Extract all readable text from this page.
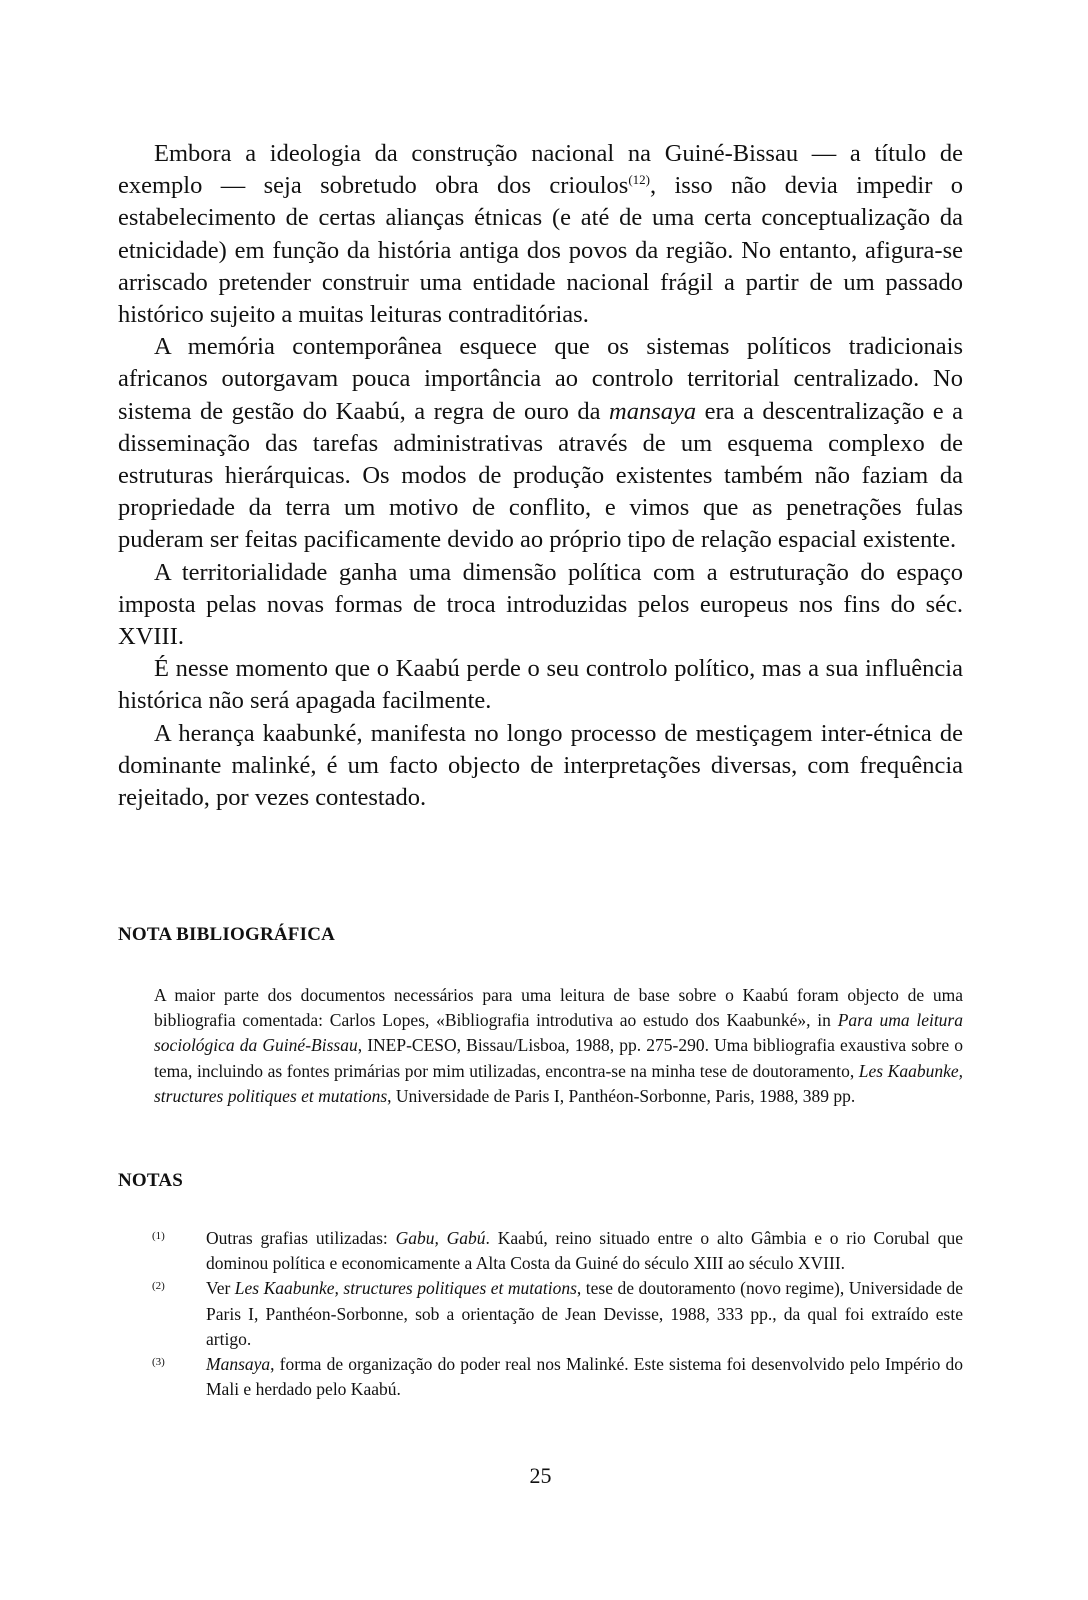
Embora a ideologia da construção nacional na Guiné-Bissau — a título de exemplo — seja sobretudo obra dos crioulos$^{(12)}$, isso não devia impedir o estabelecimento de certas alianças étnicas (e até de uma certa conceptualização da etnicidade) em função da história antiga dos povos da região. No entanto, afigura-se arriscado pretender construir uma entidade nacional frágil a partir de um passado histórico sujeito a muitas leituras contraditórias.

A memória contemporânea esquece que os sistemas políticos tradicionais africanos outorgavam pouca importância ao controlo territorial centralizado. No sistema de gestão do Kaabú, a regra de ouro da mansaya era a descentralização e a disseminação das tarefas administrativas através de um esquema complexo de estruturas hierárquicas. Os modos de produção existentes também não faziam da propriedade da terra um motivo de conflito, e vimos que as penetrações fulas puderam ser feitas pacificamente devido ao próprio tipo de relação espacial existente.

A territorialidade ganha uma dimensão política com a estruturação do espaço imposta pelas novas formas de troca introduzidas pelos europeus nos fins do séc. XVIII.

É nesse momento que o Kaabú perde o seu controlo político, mas a sua influência histórica não será apagada facilmente.

A herança kaabunké, manifesta no longo processo de mestiçagem inter-étnica de dominante malinké, é um facto objecto de interpretações diversas, com frequência rejeitado, por vezes contestado.

NOTA BIBLIOGRÁFICA

A maior parte dos documentos necessários para uma leitura de base sobre o Kaabú foram objecto de uma bibliografia comentada: Carlos Lopes, «Bibliografia introdutiva ao estudo dos Kaabunké», in Para uma leitura sociológica da Guiné-Bissau, INEP-CESO, Bissau/Lisboa, 1988, pp. 275-290. Uma bibliografia exaustiva sobre o tema, incluindo as fontes primárias por mim utilizadas, encontra-se na minha tese de doutoramento, Les Kaabunke, structures politiques et mutations, Universidade de Paris I, Panthéon-Sorbonne, Paris, 1988, 389 pp.

NOTAS
(1)	Outras grafias utilizadas: Gabu, Gabú. Kaabú, reino situado entre o alto Gâmbia e o rio Corubal que dominou política e economicamente a Alta Costa da Guiné do século XIII ao século XVIII.
(2)	Ver Les Kaabunke, structures politiques et mutations, tese de doutoramento (novo regime), Universidade de Paris I, Panthéon-Sorbonne, sob a orientação de Jean Devisse, 1988, 333 pp., da qual foi extraído este artigo.
(3)	Mansaya, forma de organização do poder real nos Malinké. Este sistema foi desenvolvido pelo Império do Mali e herdado pelo Kaabú.
25
